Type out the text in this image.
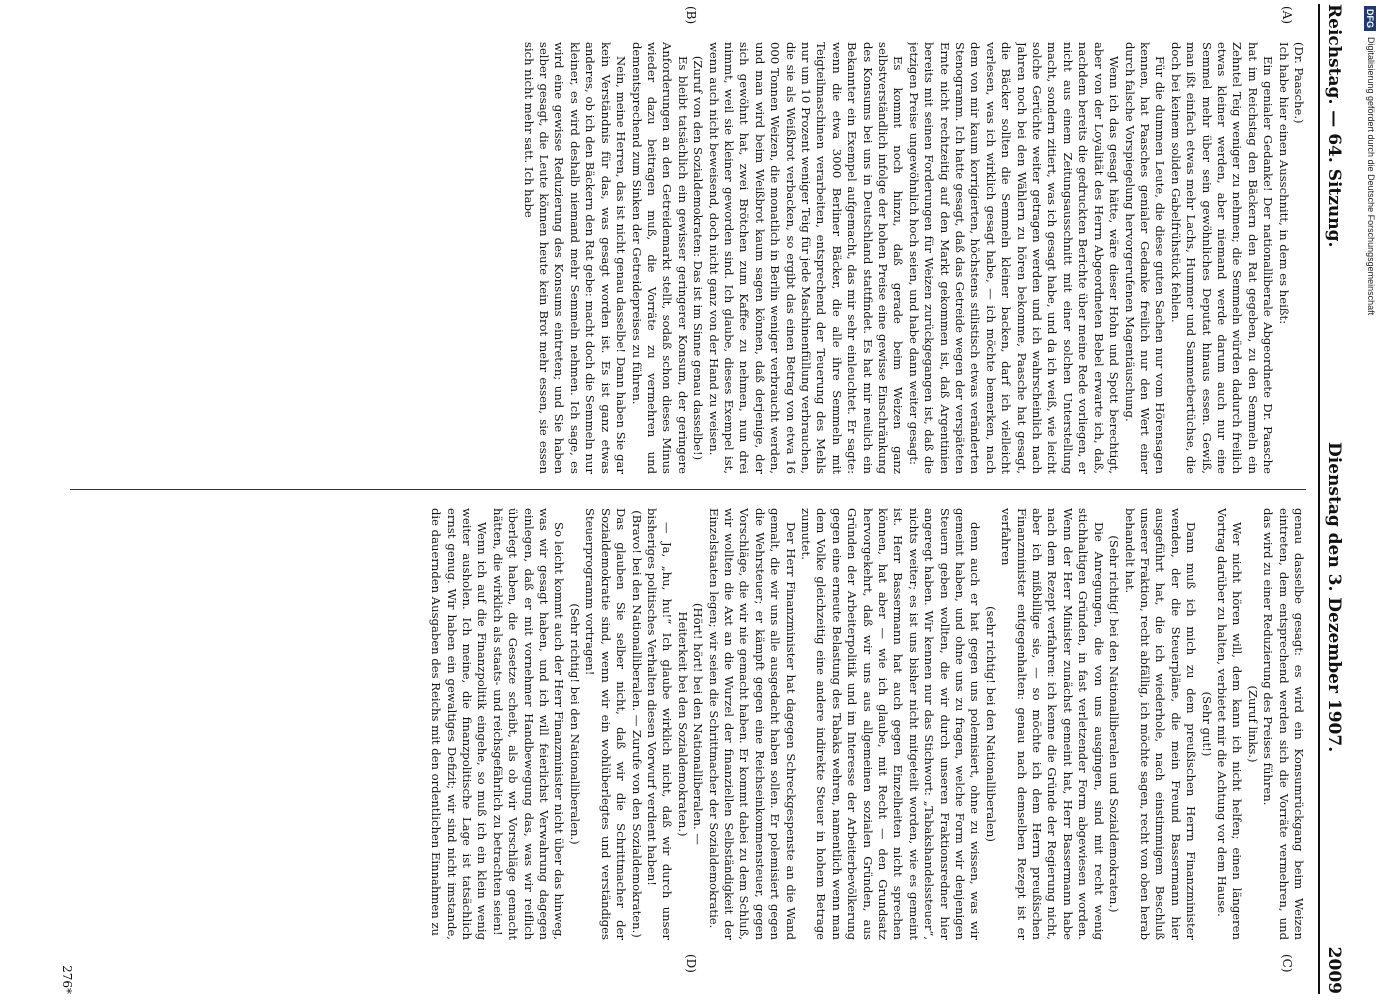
Reichstag. — 64. Sitzung.
Dienstag den 3. Dezember 1907.
2009
(A)
(B)
(C)
(D)

(Dr. Paasche.)

Ich habe hier einen Ausschnitt, in dem es heißt:

Ein genialer Gedanke! Der nationalliberale Abgeordnete Dr. Paasche hat im Reichstag den Bäckern den Rat gegeben, zu den Semmeln ein Zehntel Teig weniger zu nehmen; die Semmeln würden dadurch freilich etwas kleiner werden, aber niemand werde darum auch nur eine Semmel mehr über sein gewöhnliches Deputat hinaus essen. Gewiß, man ißt einfach etwas mehr Lachs, Hummer und Sammetbertüchse, die doch bei keinem soliden Gabelfrühstück fehlen.

Für die dummen Leute, die diese guten Sachen nur vom Hörensagen kennen, hat Paasches genialer Gedanke freilich nur den Wert einer durch falsche Vorspiegelung hervorgerufenen Magentäuschung.

Wenn ich das gesagt hätte, wäre dieser Hohn und Spott berechtigt, aber von der Loyalität des Herrn Abgeordneten Bebel erwarte ich, daß, nachdem bereits die gedruckten Berichte über meine Rede vorliegen, er nicht aus einem Zeitungsausschnitt mit einer solchen Unterstellung macht, sondern zitiert, was ich gesagt habe, und da ich weiß, wie leicht solche Gerüchte weiter getragen werden und ich wahrscheinlich nach Jahren noch bei den Wählern zu hören bekomme, Paasche hat gesagt, die Bäcker sollten die Semmeln kleiner backen, darf ich vielleicht verlesen, was ich wirklich gesagt habe, — ich möchte bemerken, nach dem von mir kaum korrigierten, höchstens stilistisch etwas veränderten Stenogramm. Ich hatte gesagt, daß das Getreide wegen der verspäteten Ernte nicht rechtzeitig auf den Markt gekommen ist, daß Argentinien bereits mit seinen Forderungen für Weizen zurückgegangen ist, daß die jetzigen Preise ungewöhnlich hoch seien, und habe dann weiter gesagt:

Es kommt noch hinzu, daß gerade beim Weizen ganz selbstverständlich infolge der hohen Preise eine gewisse Einschränkung des Konsums bei uns in Deutschland stattfindet. Es hat mir neulich ein Bekannter ein Exempel aufgemacht, das mir sehr einleuchtet. Er sagte: wenn die etwa 3000 Berliner Bäcker, die alle ihre Semmeln mit Teigteilmaschinen verarbeiten, entsprechend der Teuerung des Mehls nur um 10 Prozent weniger Teig für jede Maschinenfüllung verbrauchen, die sie als Weißbrot verbacken, so ergibt das einen Betrag von etwa 16 000 Tonnen Weizen, die monatlich in Berlin weniger verbraucht werden, und man wird beim Weißbrot kaum sagen können, daß derjenige, der sich gewöhnt hat, zwei Brötchen zum Kaffee zu nehmen, nun drei nimmt, weil sie kleiner geworden sind. Ich glaube, dieses Exempel ist, wenn auch nicht beweisend, doch nicht ganz von der Hand zu weisen.

(Zuruf von den Sozialdemokraten: Das ist im Sinne genau dasselbe!)

Es bleibt tatsächlich ein gewisser geringerer Konsum, der geringere Anforderungen an den Getreidemarkt stellt, sodaß schon dieses Minus wieder dazu beitragen muß, die Vorräte zu vermehren und dementsprechend zum Sinken der Getreidepreises zu führen.

Nein, meine Herren, das ist nicht genau dasselbe! Dann haben Sie gar kein Verständnis für das, was gesagt worden ist. Es ist ganz etwas anderes, ob ich den Bäckern den Rat gebe: macht doch die Semmeln nur kleiner, es wird deshalb niemand mehr Semmeln nehmen. Ich sage, es wird eine gewisse Reduzierung des Konsums eintreten; und Sie haben selber gesagt, die Leute können heute kein Brot mehr essen, sie essen sich nicht mehr satt. Ich habe

genau dasselbe gesagt: es wird ein Konsumrückgang beim Weizen eintreten, dem entsprechend werden sich die Vorräte vermehren, und das wird zu einer Reduzierung des Preises führen.

(Zuruf links.)

Wer nicht hören will, dem kann ich nicht helfen; einen längeren Vortrag darüber zu halten, verbietet mir die Achtung vor dem Hause.

(Sehr gut!)

Dann muß ich mich zu dem preußischen Herrn Finanzminister wenden, der die Steuerpläne, die mein Freund Bassermann hier ausgeführt hat, die ich wiederhole, nach einstimmigem Beschluß unserer Fraktion, recht abfällig, ich möchte sagen, recht von oben herab behandelt hat.

(Sehr richtig! bei den Nationalliberalen und Sozialdemokraten.)

Die Anregungen, die von uns ausgingen, sind mit recht wenig stichhaltigen Gründen, in fast verletzender Form abgewiesen worden. Wenn der Herr Minister zunächst gemeint hat, Herr Bassermann habe nach dem Rezept verfahren: ich kenne die Gründe der Regierung nicht, aber ich mißbillige sie, — so möchte ich dem Herrn preußischen Finanzminister entgegenhalten: genau nach demselben Rezept ist er verfahren

(sehr richtig! bei den Nationalliberalen)

denn auch er hat gegen uns polemisiert, ohne zu wissen, was wir gemeint haben, und ohne uns zu fragen, welche Form wir denjenigen Steuern geben wollten, die wir durch unseren Fraktionsredner hier angeregt haben. Wir kennen nur das Stichwort: „Tabakshandelssteuer“, nichts weiter; es ist uns bisher nicht mitgeteilt worden, wie es gemeint ist. Herr Bassermann hat auch gegen Einzelheiten nicht sprechen können, hat aber — wie ich glaube, mit Recht — den Grundsatz hervorgekehrt, daß wir uns aus allgemeinen sozialen Gründen, aus Gründen der Arbeiterpolitik und im Interesse der Arbeiterbevölkerung gegen eine erneute Belastung des Tabaks wehren, namentlich wenn man dem Volke gleichzeitig eine andere indirekte Steuer in hohem Betrage zumutet.

Der Herr Finanzminister hat dagegen Schreckgespenste an die Wand gemalt, die wir uns alle ausgedacht haben sollen. Er polemisiert gegen die Wehrsteuer; er kämpft gegen eine Reichseinkommensteuer, gegen Vorschläge, die wir nie gemacht haben. Er kommt dabei zu dem Schluß, wir wollten die Axt an die Wurzel der finanziellen Selbständigkeit der Einzelstaaten legen; wir seien die Schrittmacher der Sozialdemokratie.

(Hört! hört! bei den Nationalliberalen. —

Heiterkeit bei den Sozialdemokraten.)

— Ja, „hu, hu!“ Ich glaube wirklich nicht, daß wir durch unser bisheriges politisches Verhalten diesen Vorwurf verdient haben!

(Bravo! bei den Nationalliberalen. — Zurufe von den Sozialdemokraten.)

Das glauben Sie selber nicht, daß wir die Schrittmacher der Sozialdemokratie sind, wenn wir ein wohlüberlegtes und verständiges Steuerprogramm vortragen!

(Sehr richtig! bei den Nationalliberalen.)

So leicht kommt auch der Herr Finanzminister nicht über das hinweg, was wir gesagt haben, und ich will feierlichst Verwahrung dagegen einlegen, daß er mit vornehmer Handbewegung das, was wir reiflich überlegt haben, die Gesetze scheibt, als ob wir Vorschläge gemacht hätten, die wirklich als staats- und reichsgefährlich zu betrachten seien!

Wenn ich auf die Finanzpolitik eingehe, so muß ich ein klein wenig weiter ausholen. Ich meine, die finanzpolitische Lage ist tatsächlich ernst genug. Wir haben ein gewaltiges Defizit; wir sind nicht imstande, die dauernden Ausgaben des Reichs mit den ordentlichen Einnahmen zu

276*
DFG
Digitalisierung gefördert durch die Deutsche Forschungsgemeinschaft
